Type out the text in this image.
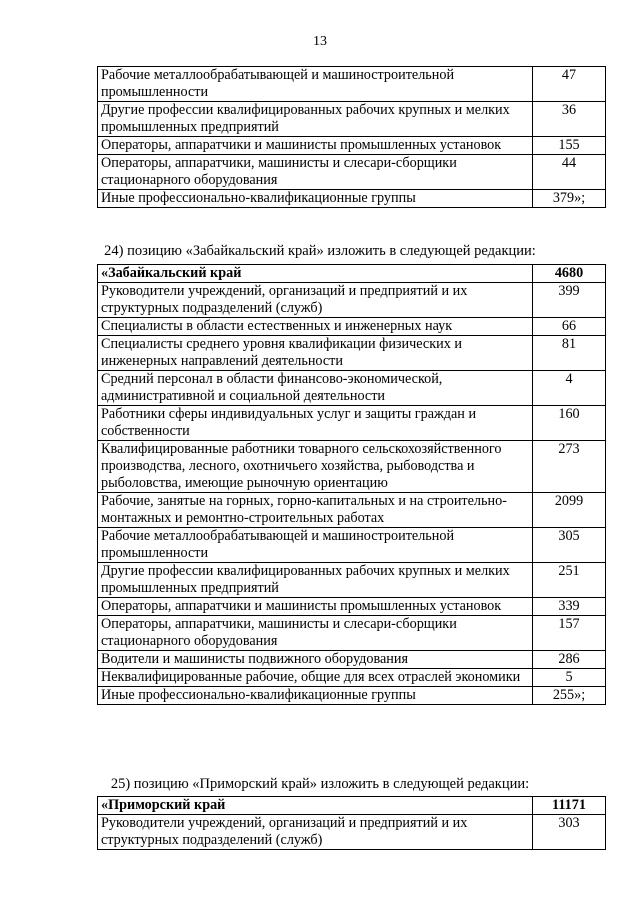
13
Рабочие металлообрабатывающей и машиностроительной промышленности	47
Другие профессии квалифицированных рабочих крупных и мелких промышленных предприятий	36
Операторы, аппаратчики и машинисты промышленных установок	155
Операторы, аппаратчики, машинисты и слесари-сборщики стационарного оборудования	44
Иные профессионально-квалификационные группы	379»;
24) позицию «Забайкальский край» изложить в следующей редакции:
«Забайкальский край	4680
Руководители учреждений, организаций и предприятий и их структурных подразделений (служб)	399
Специалисты в области естественных и инженерных наук	66
Специалисты среднего уровня квалификации физических и инженерных направлений деятельности	81
Средний персонал в области финансово-экономической, административной и социальной деятельности	4
Работники сферы индивидуальных услуг и защиты граждан и собственности	160
Квалифицированные работники товарного сельскохозяйственного производства, лесного, охотничьего хозяйства, рыбоводства и рыболовства, имеющие рыночную ориентацию	273
Рабочие, занятые на горных, горно-капитальных и на строительно-монтажных и ремонтно-строительных работах	2099
Рабочие металлообрабатывающей и машиностроительной промышленности	305
Другие профессии квалифицированных рабочих крупных и мелких промышленных предприятий	251
Операторы, аппаратчики и машинисты промышленных установок	339
Операторы, аппаратчики, машинисты и слесари-сборщики стационарного оборудования	157
Водители и машинисты подвижного оборудования	286
Неквалифицированные рабочие, общие для всех отраслей экономики	5
Иные профессионально-квалификационные группы	255»;
25) позицию «Приморский край» изложить в следующей редакции:
«Приморский край	11171
Руководители учреждений, организаций и предприятий и их структурных подразделений (служб)	303
